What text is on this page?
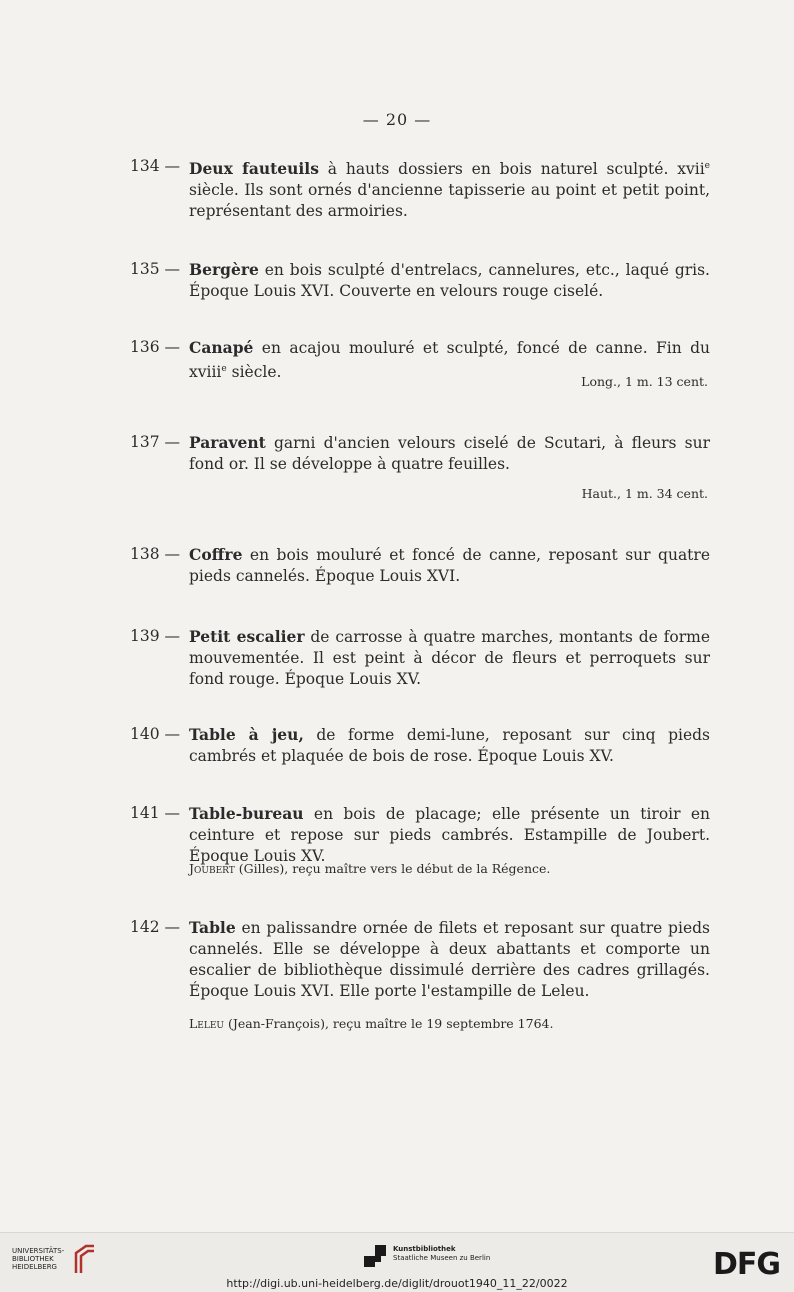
— 20 —
134 — Deux fauteuils à hauts dossiers en bois naturel sculpté. xvii$^e$ siècle. Ils sont ornés d'ancienne tapisserie au point et petit point, représentant des armoiries.
135 — Bergère en bois sculpté d'entrelacs, cannelures, etc., laqué gris. Époque Louis XVI. Couverte en velours rouge ciselé.
136 — Canapé en acajou mouluré et sculpté, foncé de canne. Fin du xviii$^e$ siècle.
Long., 1 m. 13 cent.
137 — Paravent garni d'ancien velours ciselé de Scutari, à fleurs sur fond or. Il se développe à quatre feuilles.
Haut., 1 m. 34 cent.
138 — Coffre en bois mouluré et foncé de canne, reposant sur quatre pieds cannelés. Époque Louis XVI.
139 — Petit escalier de carrosse à quatre marches, montants de forme mouvementée. Il est peint à décor de fleurs et perroquets sur fond rouge. Époque Louis XV.
140 — Table à jeu, de forme demi-lune, reposant sur cinq pieds cambrés et plaquée de bois de rose. Époque Louis XV.
141 — Table-bureau en bois de placage; elle présente un tiroir en ceinture et repose sur pieds cambrés. Estampille de Joubert. Époque Louis XV.
Joubert (Gilles), reçu maître vers le début de la Régence.
142 — Table en palissandre ornée de filets et reposant sur quatre pieds cannelés. Elle se développe à deux abattants et comporte un escalier de bibliothèque dissimulé derrière des cadres grillagés. Époque Louis XVI. Elle porte l'estampille de Leleu.
Leleu (Jean-François), reçu maître le 19 septembre 1764.
UNIVERSITÄTS-
BIBLIOTHEK
HEIDELBERG
Kunstbibliothek
Staatliche Museen zu Berlin	DFG
http://digi.ub.uni-heidelberg.de/diglit/drouot1940_11_22/0022
